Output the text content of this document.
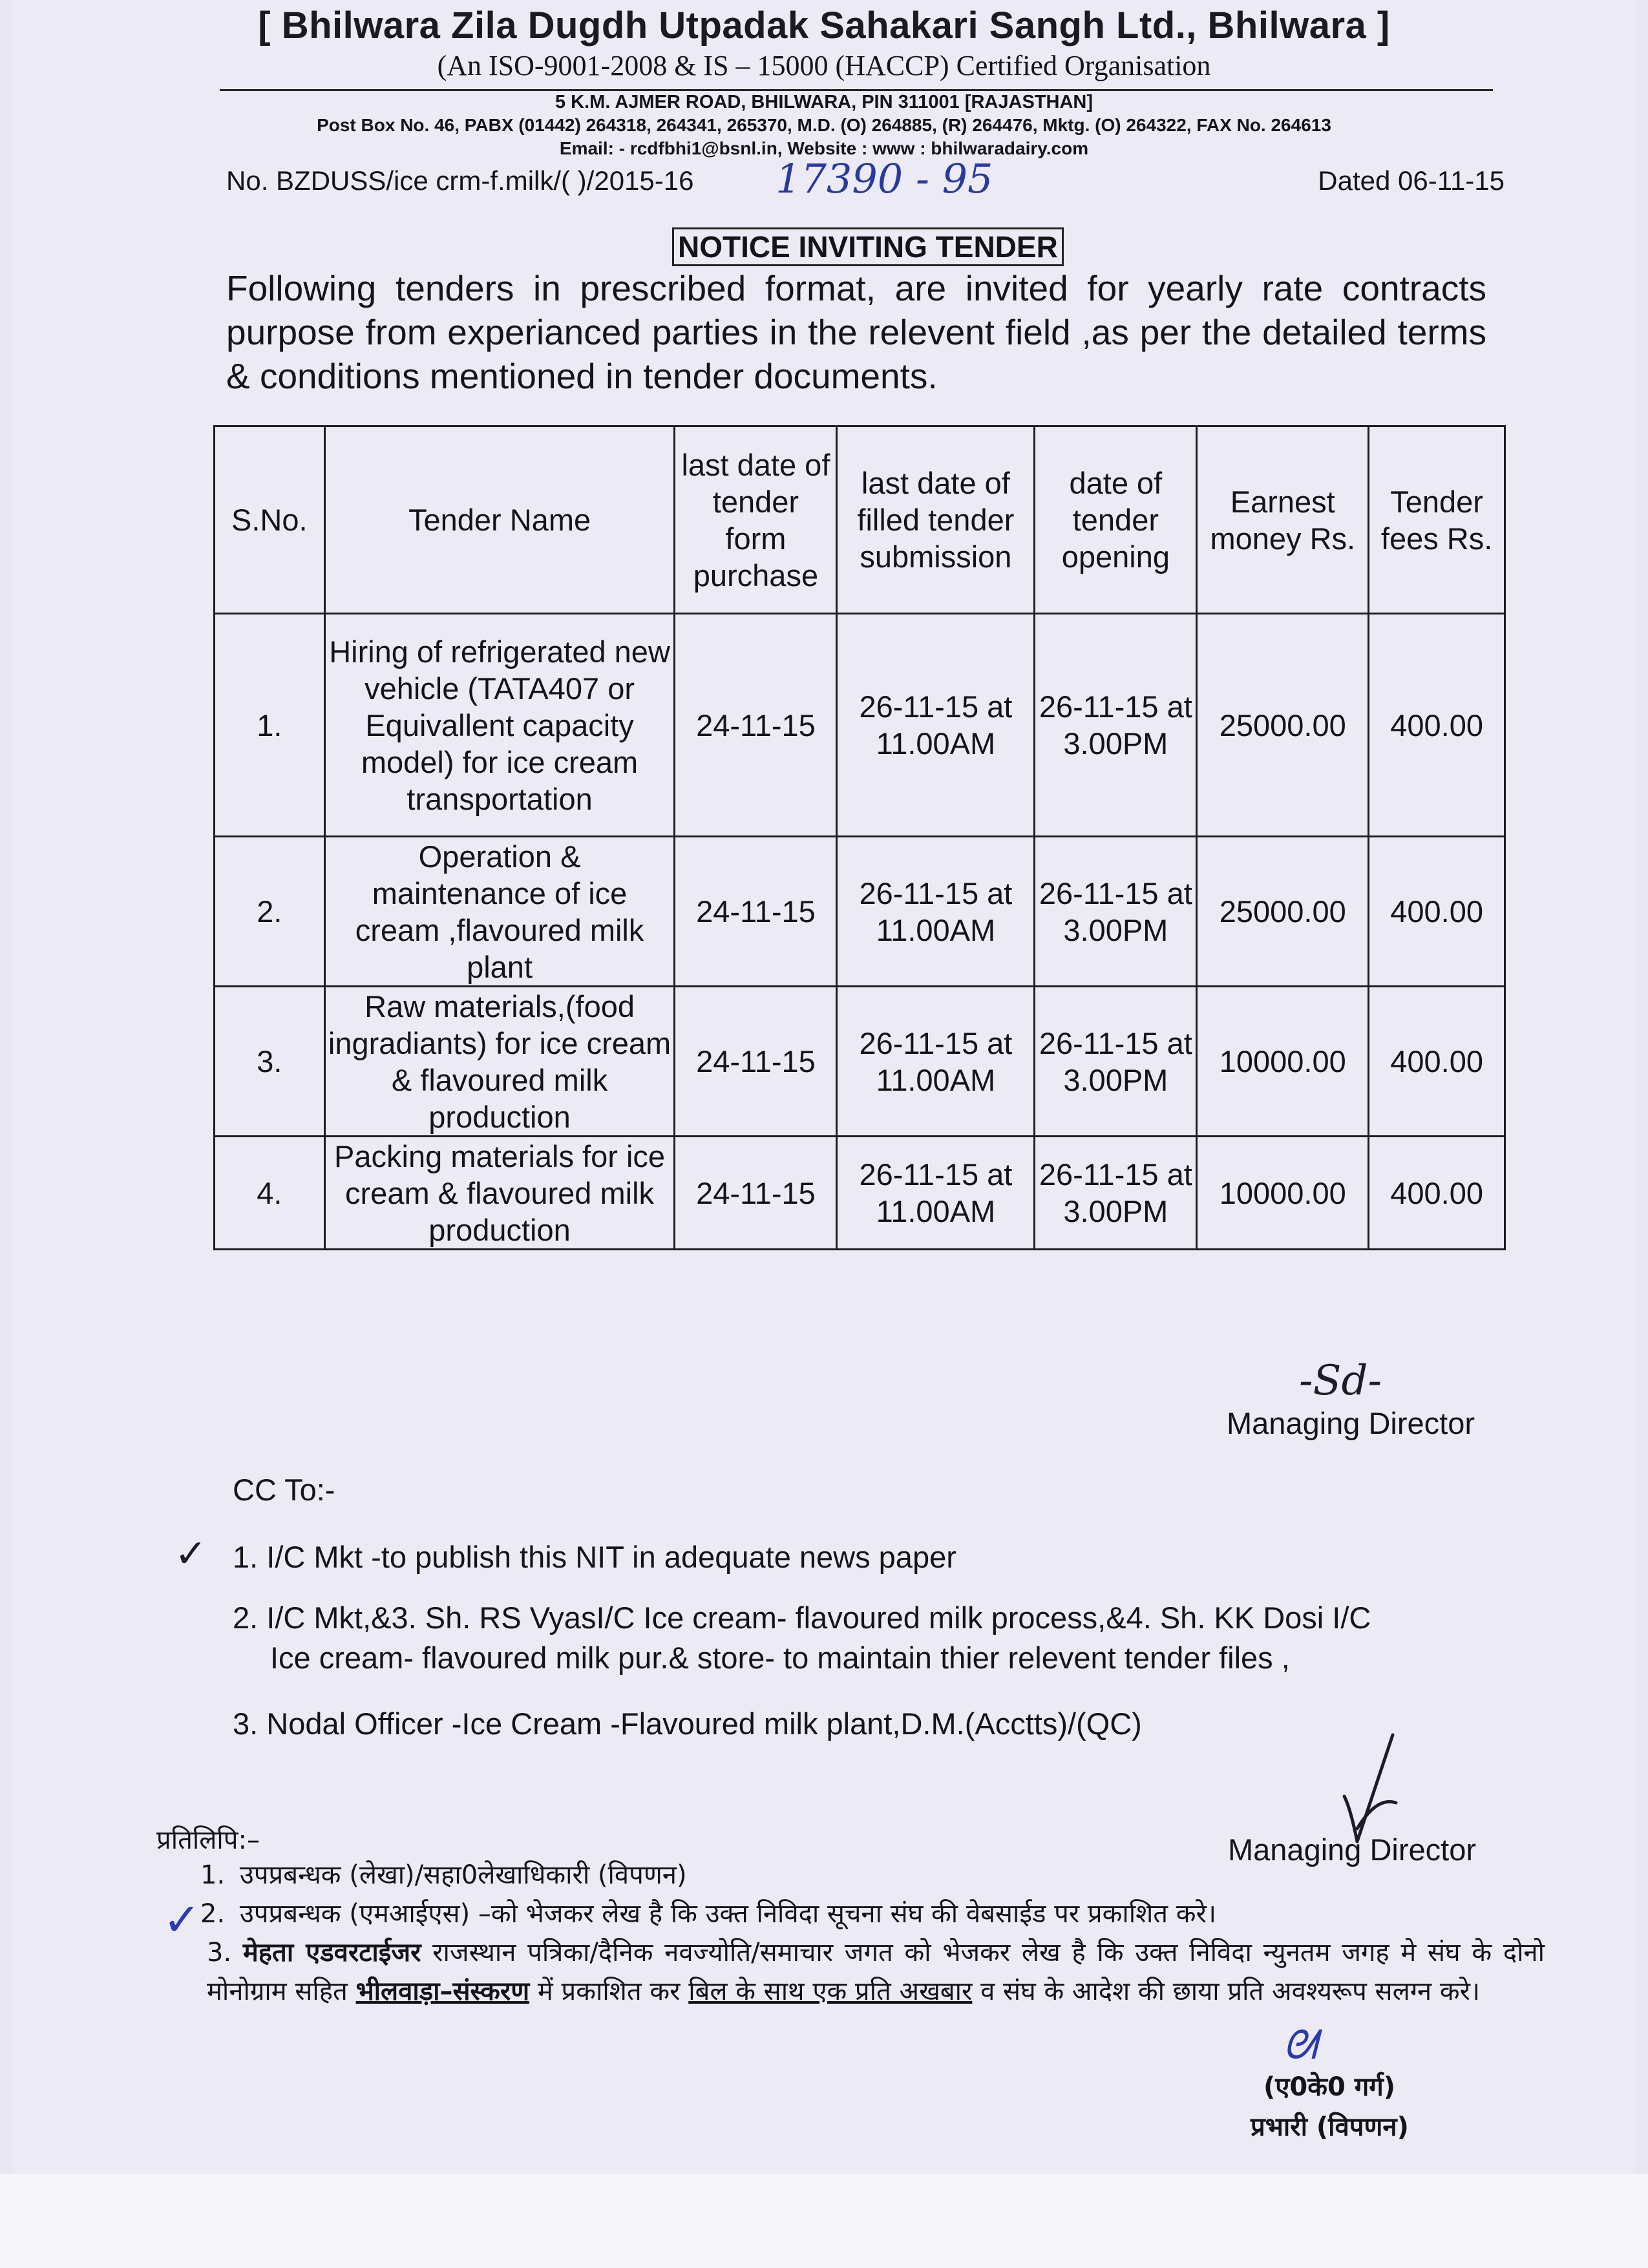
[ Bhilwara Zila Dugdh Utpadak Sahakari Sangh Ltd., Bhilwara ]
(An ISO-9001-2008 & IS – 15000 (HACCP) Certified Organisation
5 K.M. AJMER ROAD, BHILWARA, PIN 311001 [RAJASTHAN]
Post Box No. 46, PABX (01442) 264318, 264341, 265370, M.D. (O) 264885, (R) 264476, Mktg. (O) 264322, FAX No. 264613
Email: - rcdfbhi1@bsnl.in, Website : www : bhilwaradairy.com
No. BZDUSS/ice crm-f.milk/( )/2015-16 17390 - 95	Dated 06-11-15
NOTICE INVITING TENDER
Following tenders in prescribed format, are invited for yearly rate contracts purpose from experianced parties in the relevent field ,as per the detailed terms & conditions mentioned in tender documents.
S.No.	Tender Name	last date of tender form purchase	last date of filled tender submission	date of tender opening	Earnest money Rs.	Tender fees Rs.
1.	Hiring of refrigerated new vehicle (TATA407 or Equivallent capacity model) for ice cream transportation	24-11-15	26-11-15 at 11.00AM	26-11-15 at 3.00PM	25000.00	400.00
2.	Operation & maintenance of ice cream ,flavoured milk plant	24-11-15	26-11-15 at 11.00AM	26-11-15 at 3.00PM	25000.00	400.00
3.	Raw materials,(food ingradiants) for ice cream & flavoured milk production	24-11-15	26-11-15 at 11.00AM	26-11-15 at 3.00PM	10000.00	400.00
4.	Packing materials for ice cream & flavoured milk production	24-11-15	26-11-15 at 11.00AM	26-11-15 at 3.00PM	10000.00	400.00
-Sd-
Managing Director
CC To:-
✓ 1. I/C Mkt -to publish this NIT in adequate news paper
2. I/C Mkt,&3. Sh. RS VyasI/C Ice cream- flavoured milk process,&4. Sh. KK Dosi I/C
Ice cream- flavoured milk pur.& store- to maintain thier relevent tender files ,
3. Nodal Officer -Ice Cream -Flavoured milk plant,D.M.(Acctts)/(QC)
Managing Director
प्रतिलिपि:–
✓
1. उपप्रबन्धक (लेखा)/सहा0लेखाधिकारी (विपणन)
2. उपप्रबन्धक (एमआईएस) –को भेजकर लेख है कि उक्त निविदा सूचना संघ की वेबसाईड पर प्रकाशित करे।
3. मेहता एडवरटाईजर राजस्थान पत्रिका/दैनिक नवज्योति/समाचार जगत को भेजकर लेख है कि उक्त निविदा न्युनतम जगह मे संघ के दोनो मोनोग्राम सहित भीलवाड़ा–संस्करण में प्रकाशित कर बिल के साथ एक प्रति अखबार व संघ के आदेश की छाया प्रति अवश्यरूप सलग्न करे।
ᘛ
(ए0के0 गर्ग)
प्रभारी (विपणन)
